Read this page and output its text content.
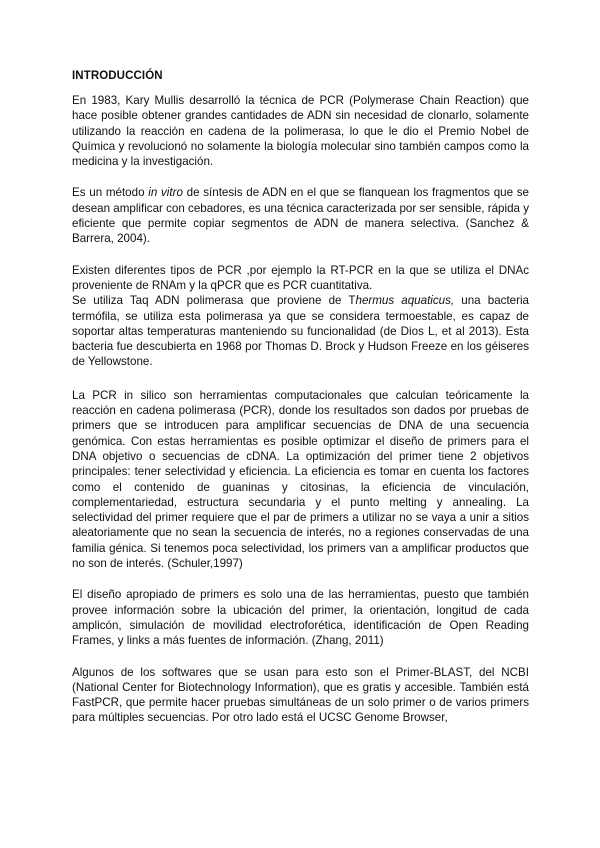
INTRODUCCIÓN

En 1983, Kary Mullis desarrolló la técnica de PCR (Polymerase Chain Reaction) que hace posible obtener grandes cantidades de ADN sin necesidad de clonarlo, solamente utilizando la reacción en cadena de la polimerasa, lo que le dio el Premio Nobel de Química y revolucionó no solamente la biología molecular sino también campos como la medicina y la investigación.

Es un método in vitro de síntesis de ADN en el que se flanquean los fragmentos que se desean amplificar con cebadores, es una técnica caracterizada por ser sensible, rápida y eficiente que permite copiar segmentos de ADN de manera selectiva. (Sanchez & Barrera, 2004).

Existen diferentes tipos de PCR ,por ejemplo la RT-PCR en la que se utiliza el DNAc proveniente de RNAm y la qPCR que es PCR cuantitativa.

Se utiliza Taq ADN polimerasa que proviene de Thermus aquaticus, una bacteria termófila, se utiliza esta polimerasa ya que se considera termoestable, es capaz de soportar altas temperaturas manteniendo su funcionalidad (de Dios L, et al 2013). Esta bacteria fue descubierta en 1968 por Thomas D. Brock y Hudson Freeze en los géiseres de Yellowstone.

La PCR in silico son herramientas computacionales que calculan teóricamente la reacción en cadena polimerasa (PCR), donde los resultados son dados por pruebas de primers que se introducen para amplificar secuencias de DNA de una secuencia genómica. Con estas herramientas es posible optimizar el diseño de primers para el DNA objetivo o secuencias de cDNA. La optimización del primer tiene 2 objetivos principales: tener selectividad y eficiencia. La eficiencia es tomar en cuenta los factores como el contenido de guaninas y citosinas, la eficiencia de vinculación, complementariedad, estructura secundaria y el punto melting y annealing. La selectividad del primer requiere que el par de primers a utilizar no se vaya a unir a sitios aleatoriamente que no sean la secuencia de interés, no a regiones conservadas de una familia génica. Si tenemos poca selectividad, los primers van a amplificar productos que no son de interés. (Schuler,1997)

El diseño apropiado de primers es solo una de las herramientas, puesto que también provee información sobre la ubicación del primer, la orientación, longitud de cada amplicón, simulación de movilidad electroforética, identificación de Open Reading Frames, y links a más fuentes de información. (Zhang, 2011)

Algunos de los softwares que se usan para esto son el Primer-BLAST, del NCBI (National Center for Biotechnology Information), que es gratis y accesible. También está FastPCR, que permite hacer pruebas simultáneas de un solo primer o de varios primers para múltiples secuencias. Por otro lado está el UCSC Genome Browser,
